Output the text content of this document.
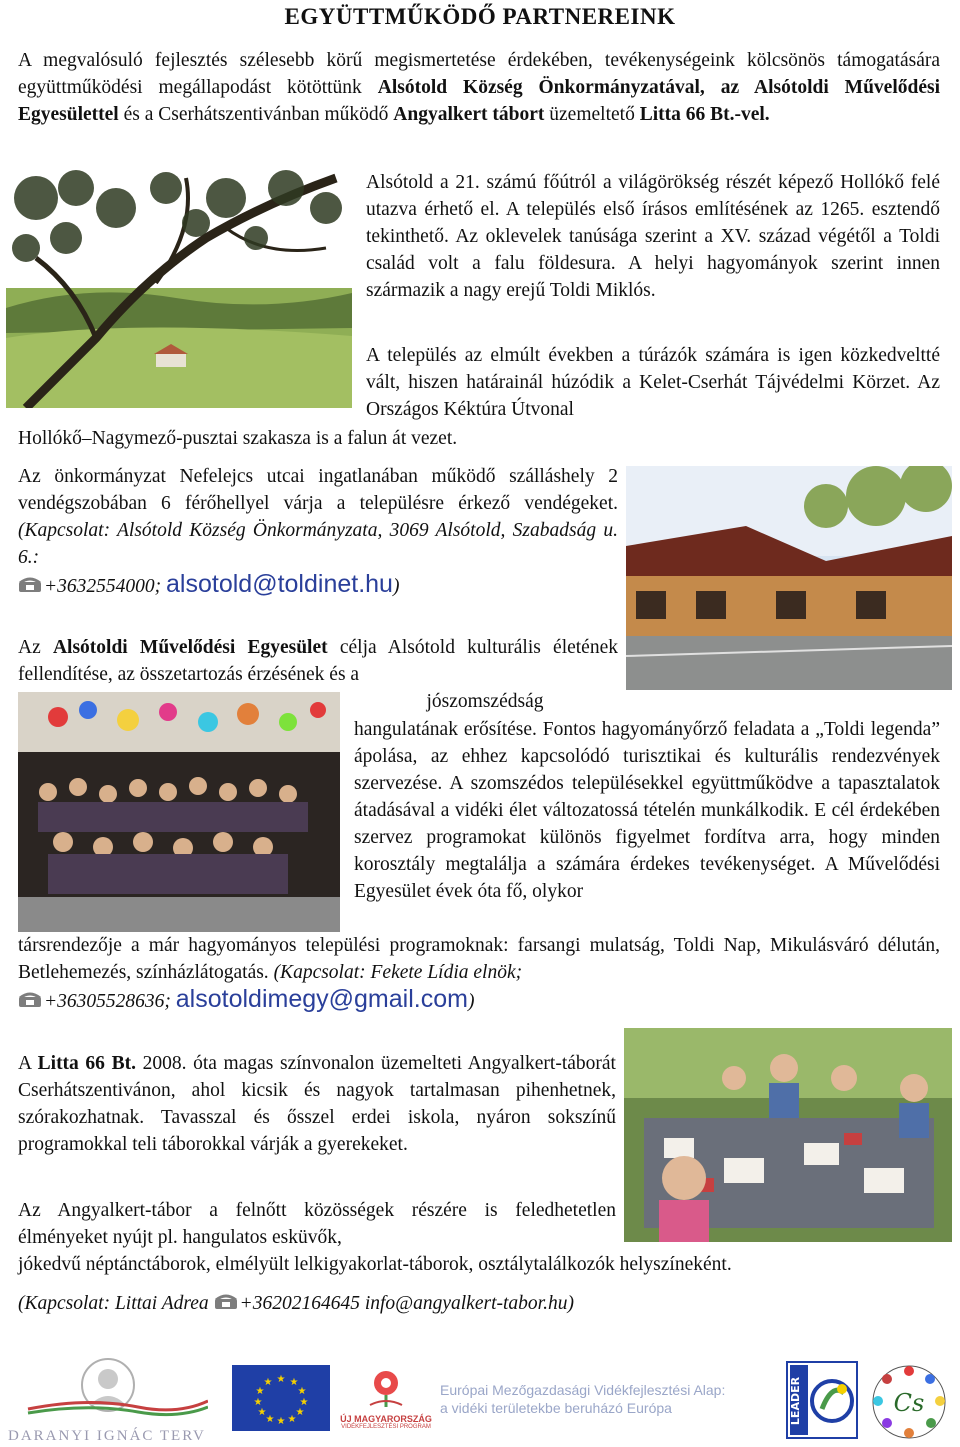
EGYÜTTMŰKÖDŐ PARTNEREINK

A megvalósuló fejlesztés szélesebb körű megismertetése érdekében, tevékenységeink kölcsönös támogatására együttműködési megállapodást kötöttünk Alsótold Község Önkormányzatával, az Alsótoldi Művelődési Egyesülettel és a Cserhátszentivánban működő Angyalkert tábort üzemeltető Litta 66 Bt.-vel.

Alsótold a 21. számú főútról a világörökség részét képező Hollókő felé utazva érhető el. A település első írásos említésének az 1265. esztendő tekinthető. Az oklevelek tanúsága szerint a XV. század végétől a Toldi család volt a falu földesura. A helyi hagyományok szerint innen származik a nagy erejű Toldi Miklós.

A település az elmúlt években a túrázók számára is igen közkedveltté vált, hiszen határainál húzódik a Kelet-Cserhát Tájvédelmi Körzet. Az Országos Kéktúra Útvonal

Hollókő–Nagymező-pusztai szakasza is a falun át vezet.

Az önkormányzat Nefelejcs utcai ingatlanában működő szálláshely 2 vendégszobában 6 férőhellyel várja a településre érkező vendégeket. (Kapcsolat: Alsótold Község Önkormányzata, 3069 Alsótold, Szabadság u. 6.:
+3632554000; alsotold@toldinet.hu)

Az Alsótoldi Művelődési Egyesület célja Alsótold kulturális életének fellendítése, az összetartozás érzésének és a

jószomszédság

hangulatának erősítése. Fontos hagyományőrző feladata a „Toldi legenda” ápolása, az ehhez kapcsolódó turisztikai és kulturális rendezvények szervezése. A szomszédos településekkel együttműködve a tapasztalatok átadásával a vidéki élet változatossá tételén munkálkodik. E cél érdekében szervez programokat különös figyelmet fordítva arra, hogy minden korosztály megtalálja a számára érdekes tevékenységet. A Művelődési Egyesület évek óta fő, olykor

társrendezője a már hagyományos települési programoknak: farsangi mulatság, Toldi Nap, Mikulásváró délután, Betlehemezés, színházlátogatás. (Kapcsolat: Fekete Lídia elnök;
+36305528636; alsotoldimegy@gmail.com)

A Litta 66 Bt. 2008. óta magas színvonalon üzemelteti Angyalkert-táborát Cserhátszentivánon, ahol kicsik és nagyok tartalmasan pihenhetnek, szórakozhatnak. Tavasszal és ősszel erdei iskola, nyáron sokszínű programokkal teli táborokkal várják a gyerekeket.

Az Angyalkert-tábor a felnőtt közösségek részére is feledhetetlen élményeket nyújt pl. hangulatos esküvők,

jókedvű néptánctáborok, elmélyült lelkigyakorlat-táborok, osztálytalálkozók helyszíneként.

(Kapcsolat: Littai Adrea +36202164645 info@angyalkert-tabor.hu)

DARANYI IGNÁC TERV
★ ★
★
★
★
★
★
★
★
★
★
★
ÚJ MAGYARORSZÁG
VIDÉKFEJLESZTÉSI PROGRAM
Európai Mezőgazdasági Vidékfejlesztési Alap:
a vidéki területekbe beruházó Európa	LEADER	Cs
